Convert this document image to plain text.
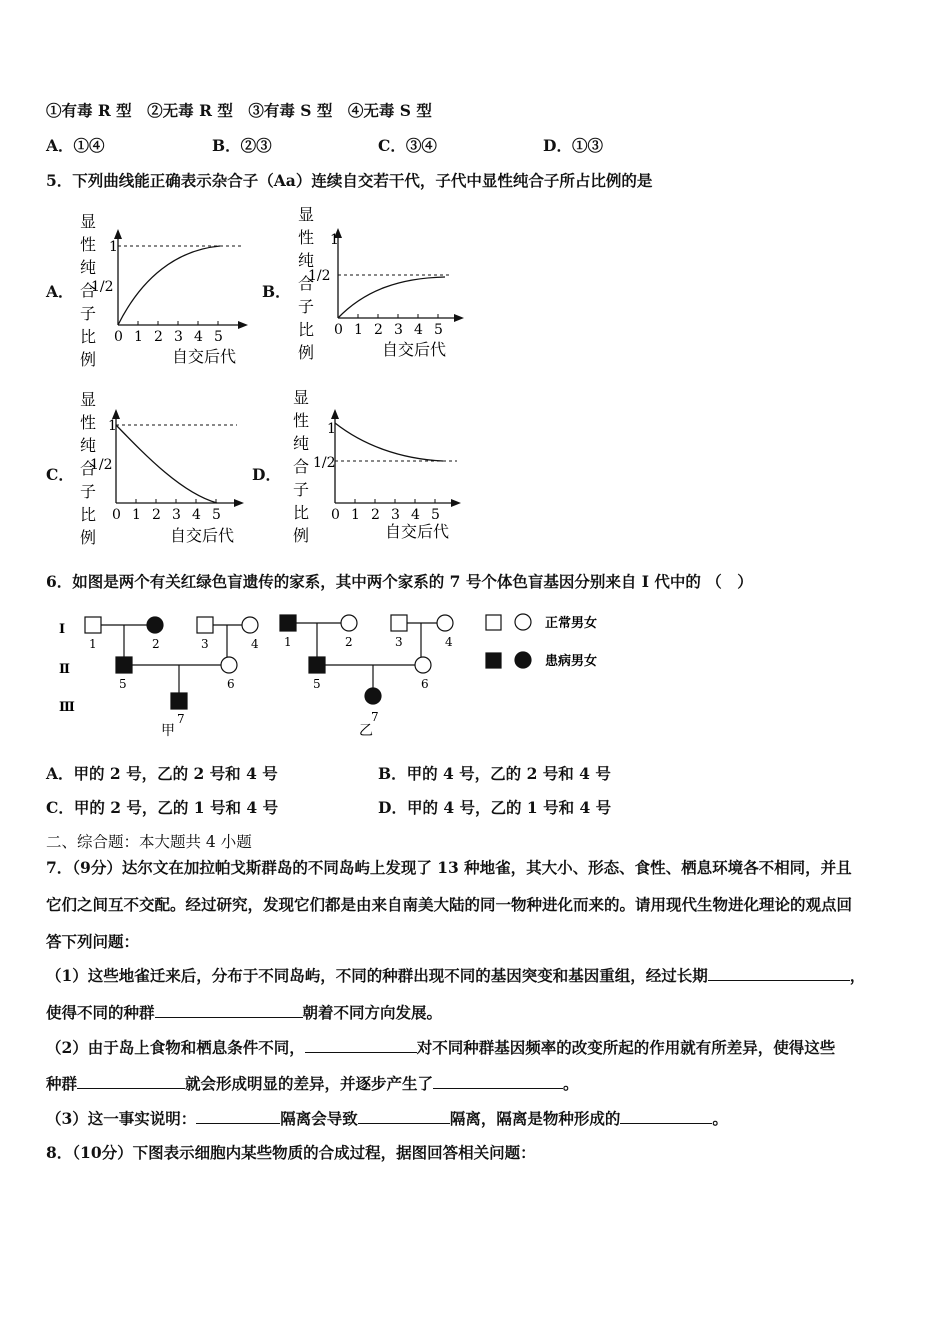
①有毒 R 型　②无毒 R 型　③有毒 S 型　④无毒 S 型
A．①④	B．②③	C．③④	D．①③
5．下列曲线能正确表示杂合子（Aa）连续自交若干代，子代中显性纯合子所占比例的是
A．	B．
C．	D．
显
性
纯
合
子
比
例
1
1/2
0 1 2 3 4 5
自交后代
显
性
纯
合
子
比
例
1
1/2
0 1 2 3 4 5
自交后代
显
性
纯
合
子
比
例
1
1/2
0 1 2 3 4 5
自交后代
显
性
纯
合
子
比
例
1
1/2
0 1 2 3 4 5
自交后代
6．如图是两个有关红绿色盲遗传的家系，其中两个家系的 7 号个体色盲基因分别来自 I 代中的 （　）
Ⅰ
Ⅱ
Ⅲ
1	2	3	4
5	6
7
甲
1	2	3	4
5	6
7
乙
正常男女
患病男女
A．甲的 2 号，乙的 2 号和 4 号	B．甲的 4 号，乙的 2 号和 4 号
C．甲的 2 号，乙的 1 号和 4 号	D．甲的 4 号，乙的 1 号和 4 号
二、综合题：本大题共 4 小题
7．（9分）达尔文在加拉帕戈斯群岛的不同岛屿上发现了 13 种地雀，其大小、形态、食性、栖息环境各不相同，并且
它们之间互不交配。经过研究，发现它们都是由来自南美大陆的同一物种进化而来的。请用现代生物进化理论的观点回
答下列问题：
（1）这些地雀迁来后，分布于不同岛屿，不同的种群出现不同的基因突变和基因重组，经过长期	，
使得不同的种群	朝着不同方向发展。
（2）由于岛上食物和栖息条件不同，	对不同种群基因频率的改变所起的作用就有所差异，使得这些
种群	就会形成明显的差异，并逐步产生了	。
（3）这一事实说明：	隔离会导致	隔离，隔离是物种形成的	。
8．（10分）下图表示细胞内某些物质的合成过程，据图回答相关问题：
